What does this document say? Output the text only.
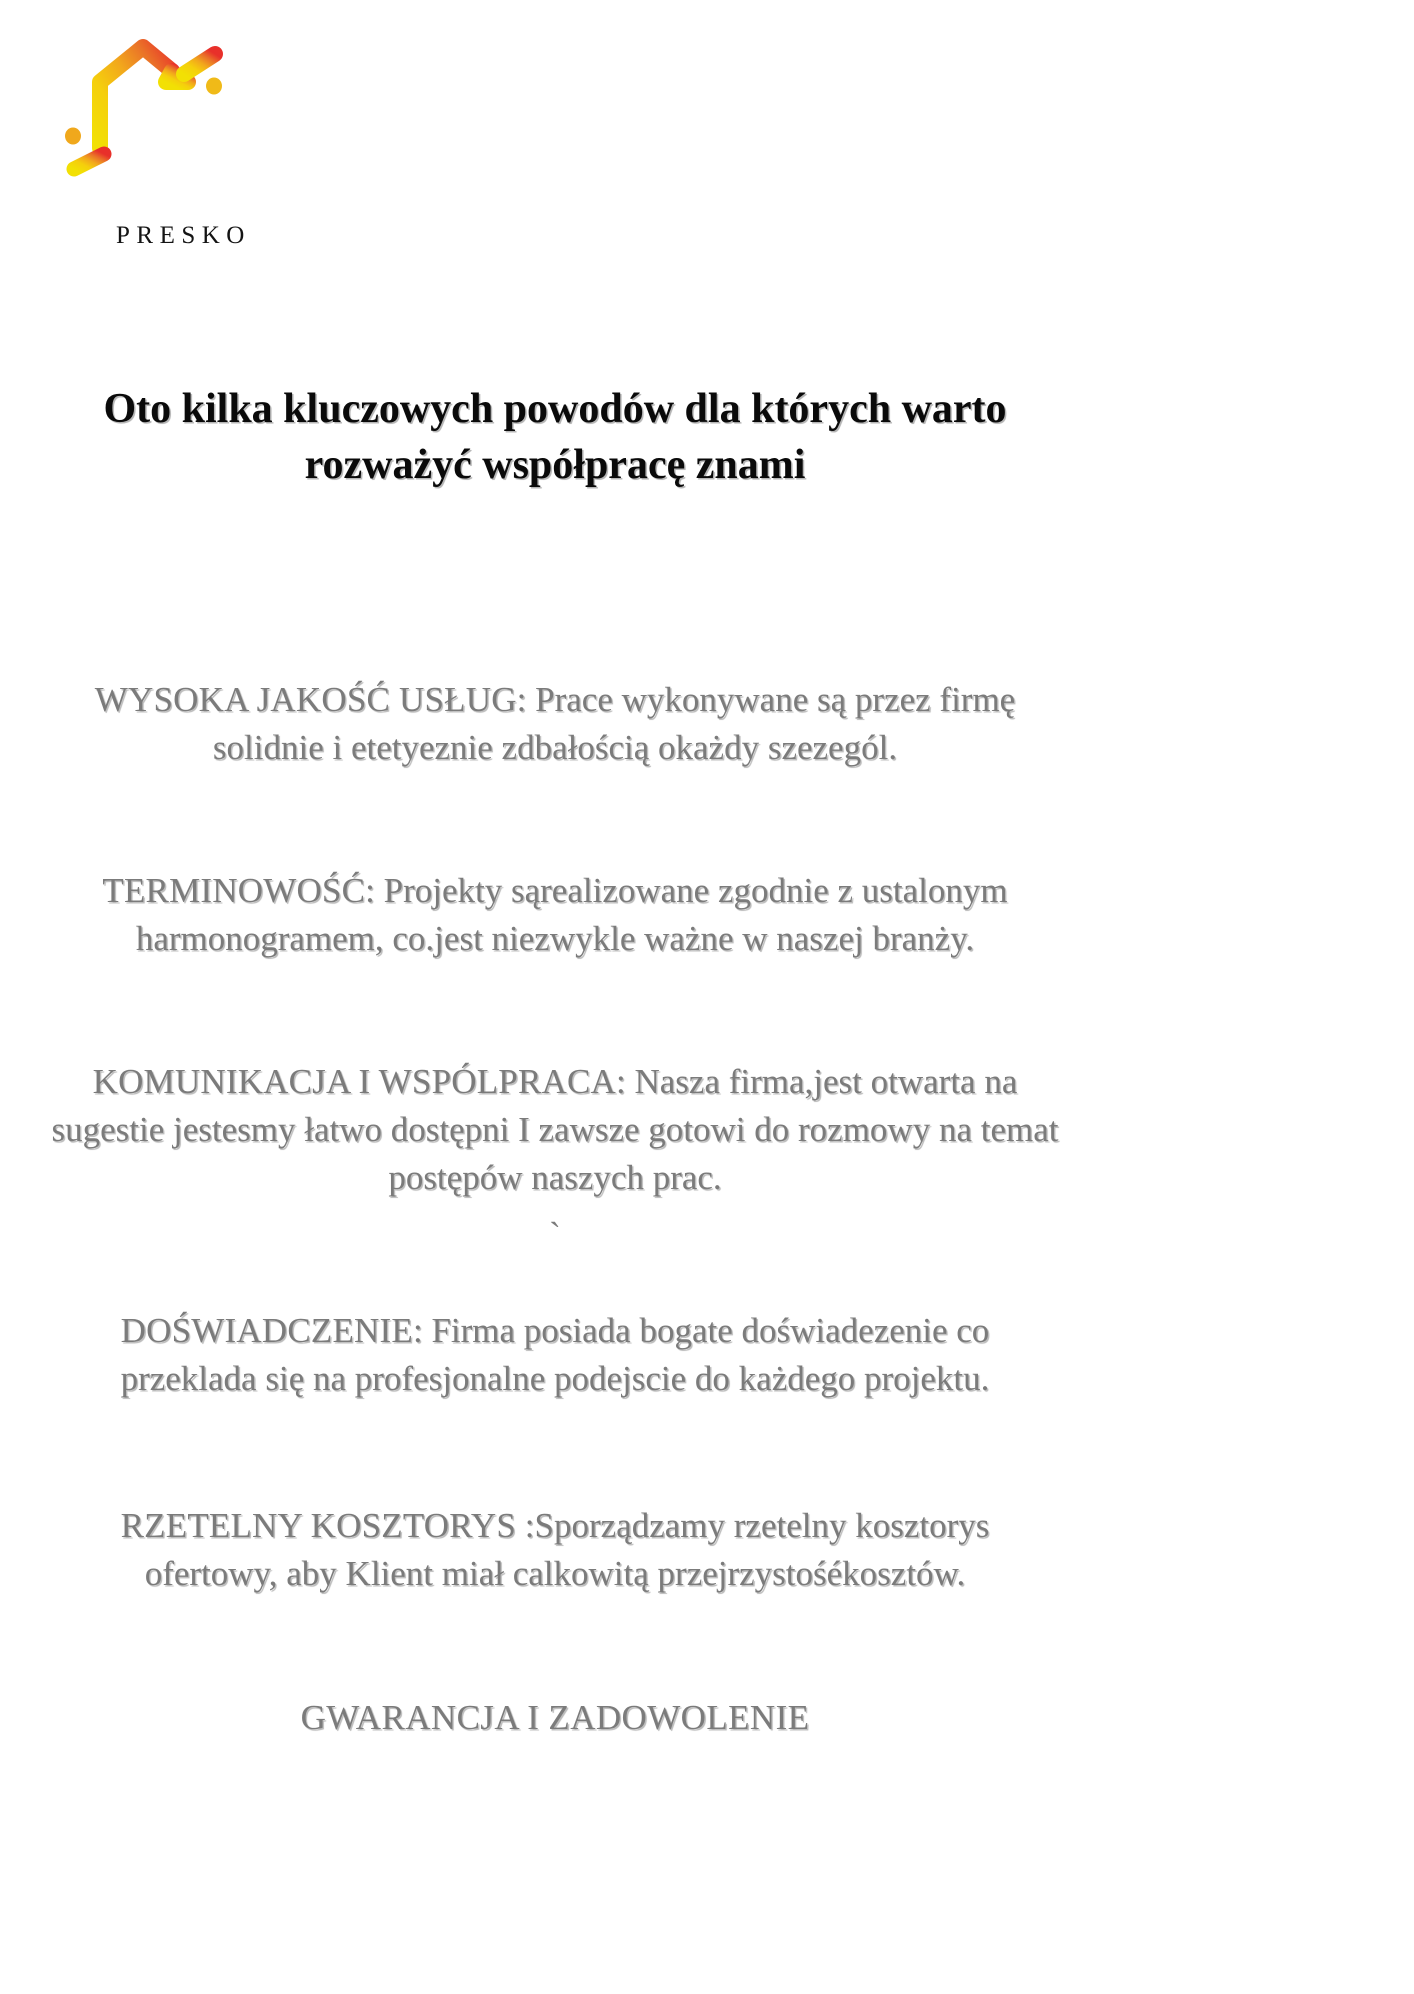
PRESKO
Oto kilka kluczowych powodów dla których warto rozważyć współpracę znami

WYSOKA JAKOŚĆ USŁUG: Prace wykonywane są przez firmę solidnie i etetyeznie zdbałością okażdy szezegól.

TERMINOWOŚĆ: Projekty sąrealizowane zgodnie z ustalonym harmonogramem, co.jest niezwykle ważne w naszej branży.

KOMUNIKACJA I WSPÓLPRACA: Nasza firma,jest otwarta na sugestie jestesmy łatwo dostępni I zawsze gotowi do rozmowy na temat postępów naszych prac.

`

DOŚWIADCZENIE: Firma posiada bogate doświadezenie co przeklada się na profesjonalne podejscie do każdego projektu.

RZETELNY KOSZTORYS :Sporządzamy rzetelny kosztorys ofertowy, aby Klient miał calkowitą przejrzystośékosztów.

GWARANCJA I ZADOWOLENIE
